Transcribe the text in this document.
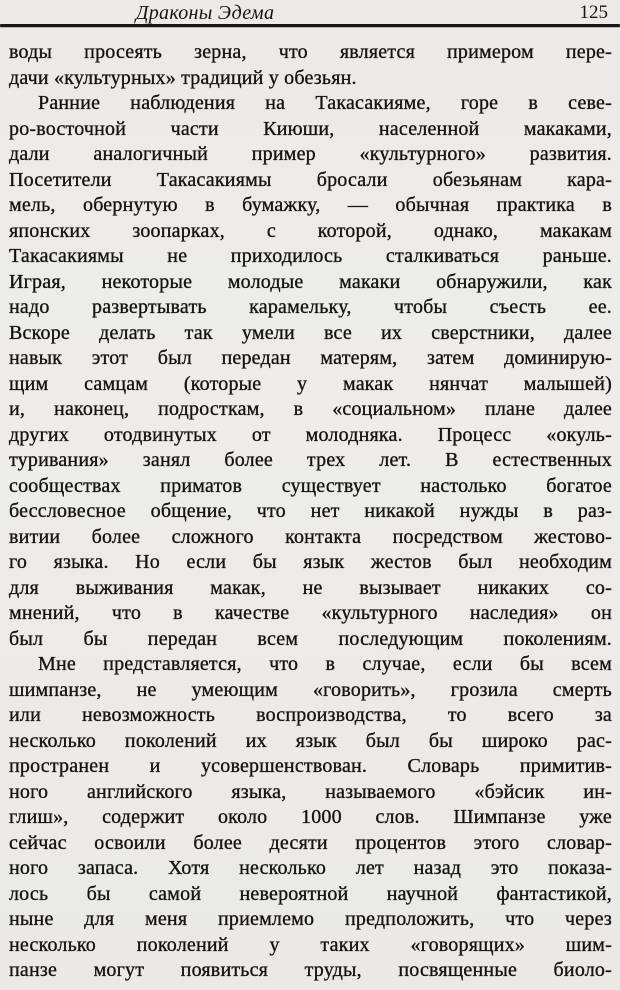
Драконы Эдема	125
воды просеять зерна, что является примером пере-
дачи «культурных» традиций у обезьян.
Ранние наблюдения на Такасакияме, горе в севе-
ро-восточной части Киюши, населенной макаками,
дали аналогичный пример «культурного» развития.
Посетители Такасакиямы бросали обезьянам кара-
мель, обернутую в бумажку, — обычная практика в
японских зоопарках, с которой, однако, макакам
Такасакиямы не приходилось сталкиваться раньше.
Играя, некоторые молодые макаки обнаружили, как
надо развертывать карамельку, чтобы съесть ее.
Вскоре делать так умели все их сверстники, далее
навык этот был передан матерям, затем доминирую-
щим самцам (которые у макак нянчат малышей)
и, наконец, подросткам, в «социальном» плане далее
других отодвинутых от молодняка. Процесс «окуль-
туривания» занял более трех лет. В естественных
сообществах приматов существует настолько богатое
бессловесное общение, что нет никакой нужды в раз-
витии более сложного контакта посредством жестово-
го языка. Но если бы язык жестов был необходим
для выживания макак, не вызывает никаких со-
мнений, что в качестве «культурного наследия» он
был бы передан всем последующим поколениям.
Мне представляется, что в случае, если бы всем
шимпанзе, не умеющим «говорить», грозила смерть
или невозможность воспроизводства, то всего за
несколько поколений их язык был бы широко рас-
пространен и усовершенствован. Словарь примитив-
ного английского языка, называемого «бэйсик ин-
глиш», содержит около 1000 слов. Шимпанзе уже
сейчас освоили более десяти процентов этого словар-
ного запаса. Хотя несколько лет назад это показа-
лось бы самой невероятной научной фантастикой,
ныне для меня приемлемо предположить, что через
несколько поколений у таких «говорящих» шим-
панзе могут появиться труды, посвященные биоло-
